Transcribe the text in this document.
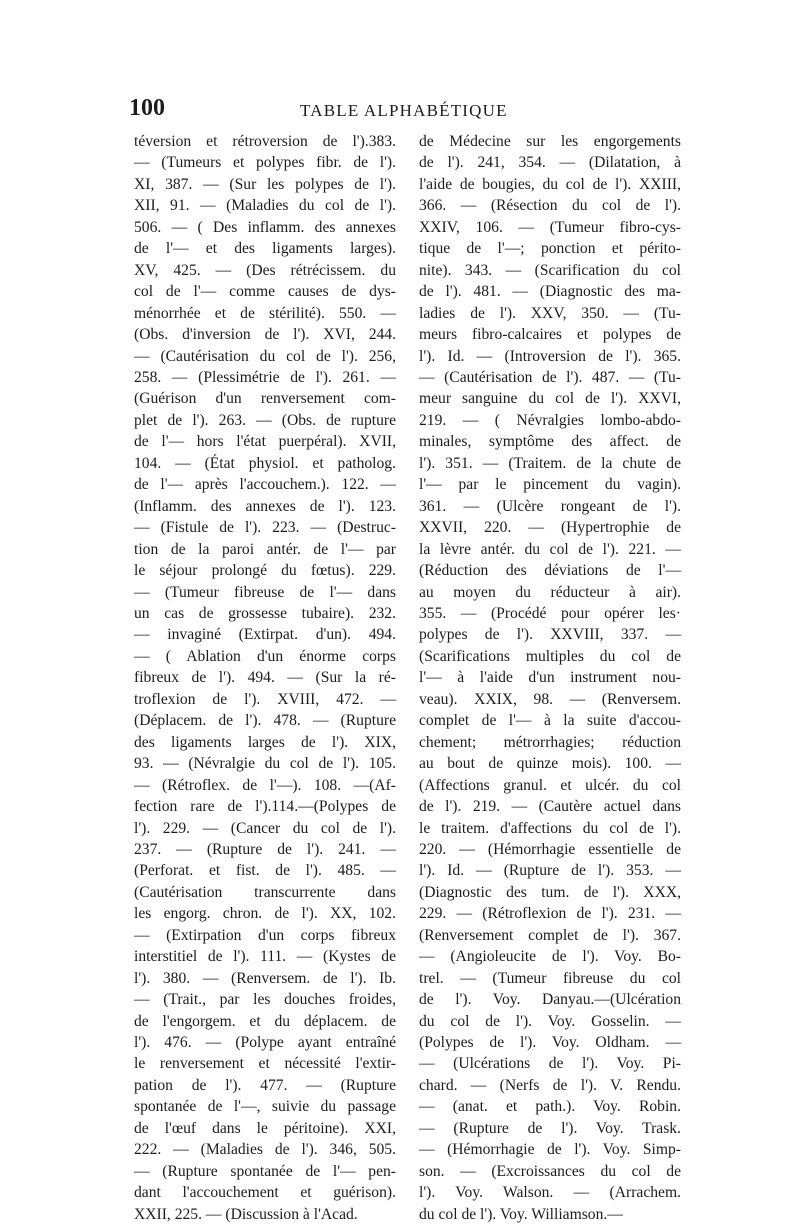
100	TABLE ALPHABÉTIQUE
téversion et rétroversion de l').383.
— (Tumeurs et polypes fibr. de l').
XI, 387. — (Sur les polypes de l').
XII, 91. — (Maladies du col de l').
506. — ( Des inflamm. des annexes
de l'— et des ligaments larges).
XV, 425. — (Des rétrécissem. du
col de l'— comme causes de dys-
ménorrhée et de stérilité). 550. —
(Obs. d'inversion de l'). XVI, 244.
— (Cautérisation du col de l'). 256,
258. — (Plessimétrie de l'). 261. —
(Guérison d'un renversement com-
plet de l'). 263. — (Obs. de rupture
de l'— hors l'état puerpéral). XVII,
104. — (État physiol. et patholog.
de l'— après l'accouchem.). 122. —
(Inflamm. des annexes de l'). 123.
— (Fistule de l'). 223. — (Destruc-
tion de la paroi antér. de l'— par
le séjour prolongé du fœtus). 229.
— (Tumeur fibreuse de l'— dans
un cas de grossesse tubaire). 232.
— invaginé (Extirpat. d'un). 494.
— ( Ablation d'un énorme corps
fibreux de l'). 494. — (Sur la ré-
troflexion de l'). XVIII, 472. —
(Déplacem. de l'). 478. — (Rupture
des ligaments larges de l'). XIX,
93. — (Névralgie du col de l'). 105.
— (Rétroflex. de l'—). 108. —(Af-
fection rare de l').114.—(Polypes de
l'). 229. — (Cancer du col de l').
237. — (Rupture de l'). 241. —
(Perforat. et fist. de l'). 485. —
(Cautérisation transcurrente dans
les engorg. chron. de l'). XX, 102.
— (Extirpation d'un corps fibreux
interstitiel de l'). 111. — (Kystes de
l'). 380. — (Renversem. de l'). Ib.
— (Trait., par les douches froides,
de l'engorgem. et du déplacem. de
l'). 476. — (Polype ayant entraîné
le renversement et nécessité l'extir-
pation de l'). 477. — (Rupture
spontanée de l'—, suivie du passage
de l'œuf dans le péritoine). XXI,
222. — (Maladies de l'). 346, 505.
— (Rupture spontanée de l'— pen-
dant l'accouchement et guérison).
XXII, 225. — (Discussion à l'Acad.
de Médecine sur les engorgements
de l'). 241, 354. — (Dilatation, à
l'aide de bougies, du col de l'). XXIII,
366. — (Résection du col de l').
XXIV, 106. — (Tumeur fibro-cys-
tique de l'—; ponction et périto-
nite). 343. — (Scarification du col
de l'). 481. — (Diagnostic des ma-
ladies de l'). XXV, 350. — (Tu-
meurs fibro-calcaires et polypes de
l'). Id. — (Introversion de l'). 365.
— (Cautérisation de l'). 487. — (Tu-
meur sanguine du col de l'). XXVI,
219. — ( Névralgies lombo-abdo-
minales, symptôme des affect. de
l'). 351. — (Traitem. de la chute de
l'— par le pincement du vagin).
361. — (Ulcère rongeant de l').
XXVII, 220. — (Hypertrophie de
la lèvre antér. du col de l'). 221. —
(Réduction des déviations de l'—
au moyen du réducteur à air).
355. — (Procédé pour opérer les·
polypes de l'). XXVIII, 337. —
(Scarifications multiples du col de
l'— à l'aide d'un instrument nou-
veau). XXIX, 98. — (Renversem.
complet de l'— à la suite d'accou-
chement; métrorrhagies; réduction
au bout de quinze mois). 100. —
(Affections granul. et ulcér. du col
de l'). 219. — (Cautère actuel dans
le traitem. d'affections du col de l').
220. — (Hémorrhagie essentielle de
l'). Id. — (Rupture de l'). 353. —
(Diagnostic des tum. de l'). XXX,
229. — (Rétroflexion de l'). 231. —
(Renversement complet de l'). 367.
— (Angioleucite de l'). Voy. Bo-
trel. — (Tumeur fibreuse du col
de l'). Voy. Danyau.—(Ulcération
du col de l'). Voy. Gosselin. —
(Polypes de l'). Voy. Oldham. —
— (Ulcérations de l'). Voy. Pi-
chard. — (Nerfs de l'). V. Rendu.
— (anat. et path.). Voy. Robin.
— (Rupture de l'). Voy. Trask.
— (Hémorrhagie de l'). Voy. Simp-
son. — (Excroissances du col de
l'). Voy. Walson. — (Arrachem.
du col de l'). Voy. Williamson.—
